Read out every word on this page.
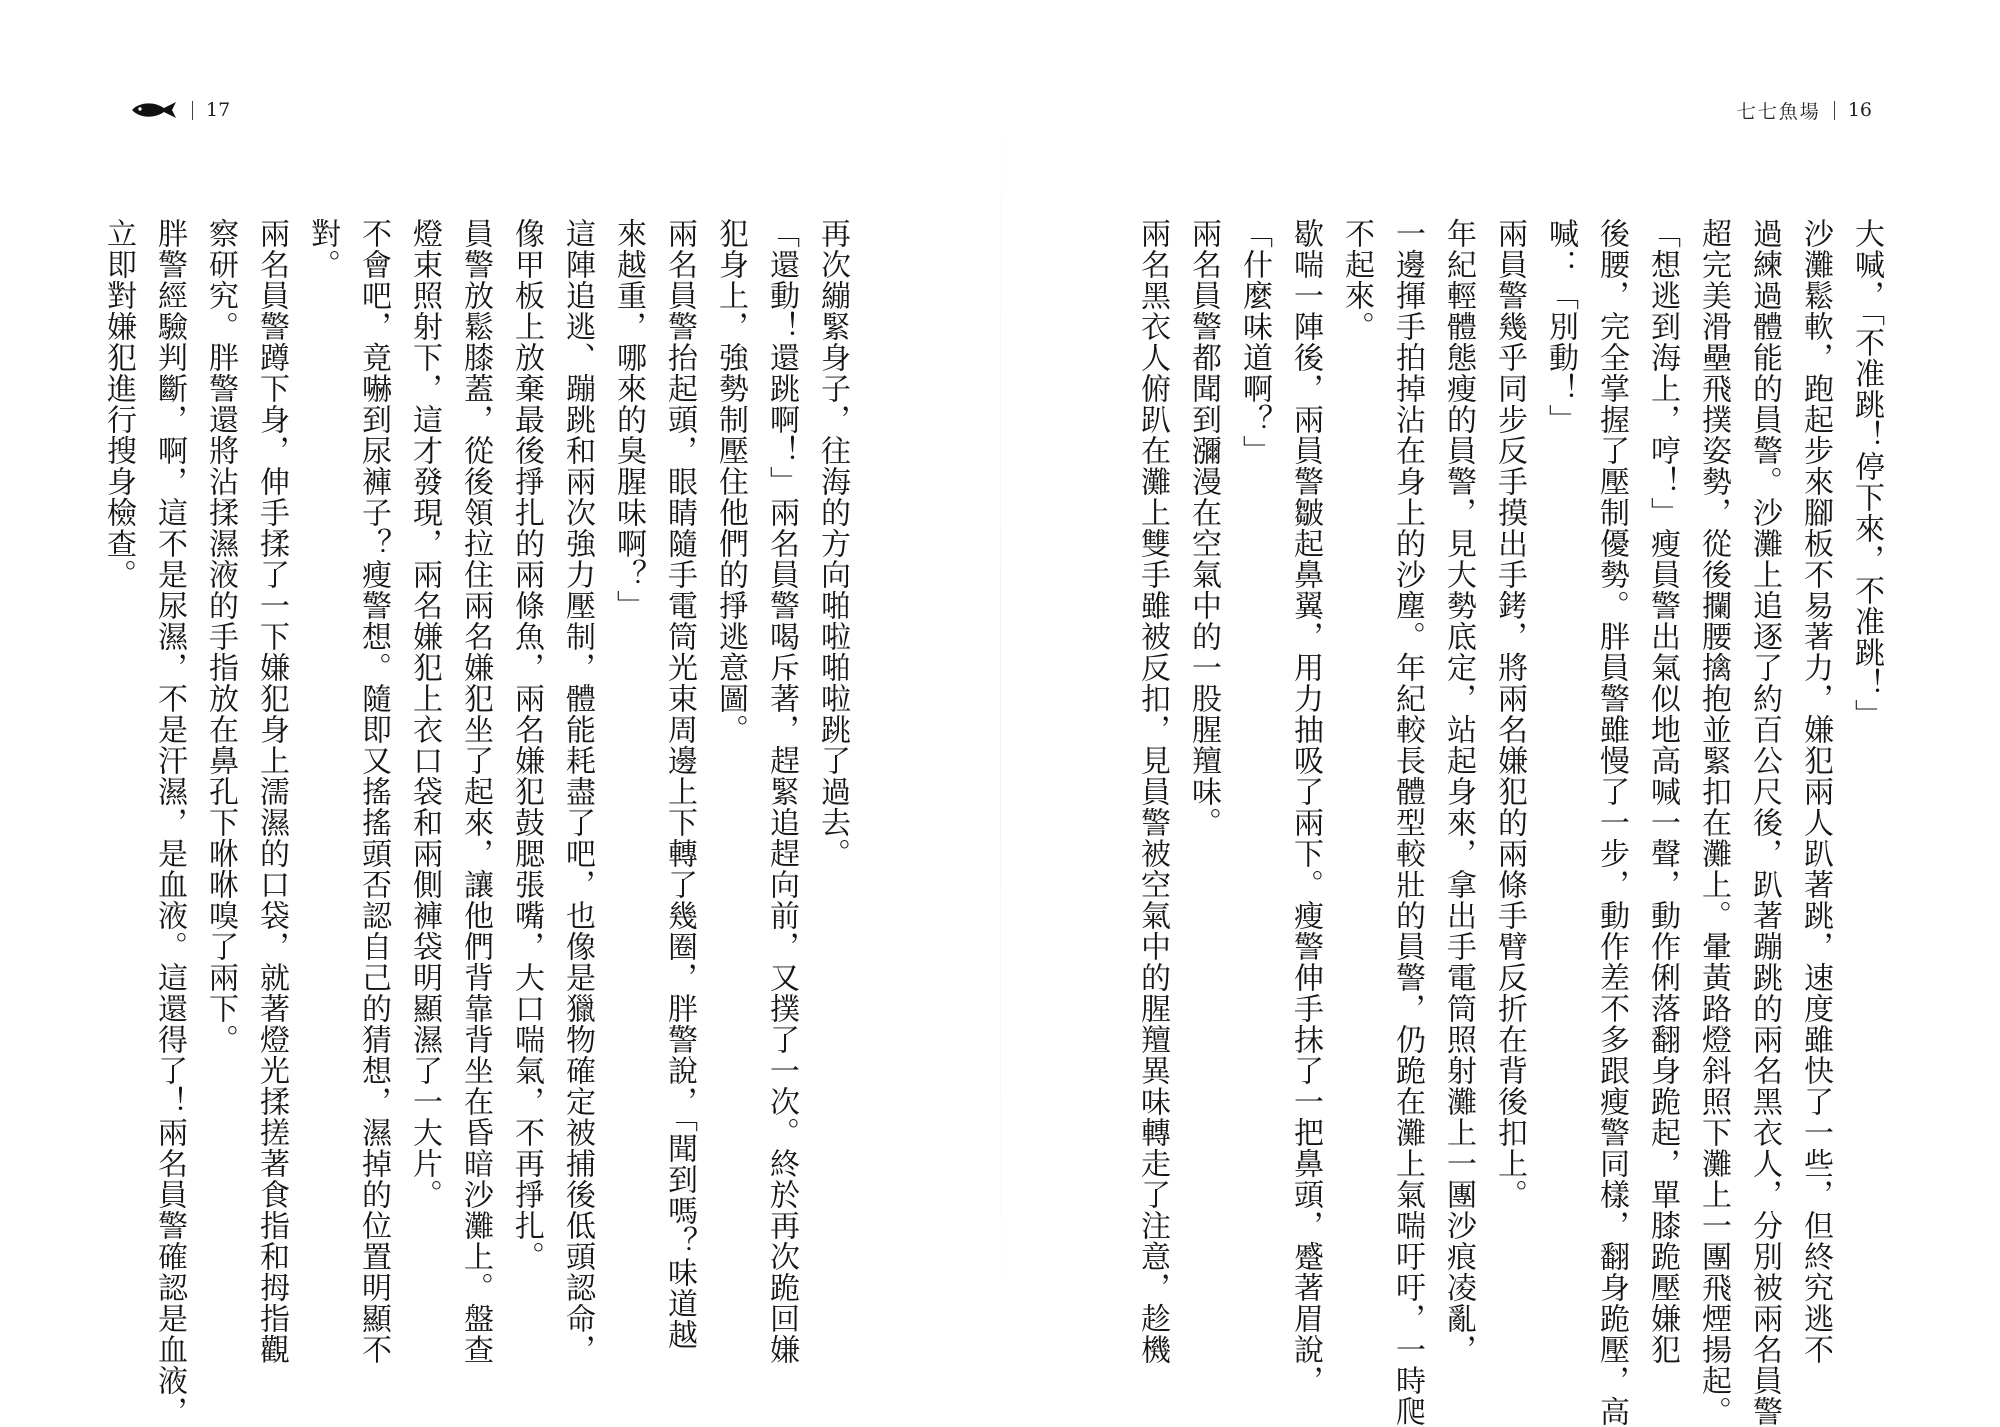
17	七七魚場 16
大喊，「不准跳！停下來，不准跳！」
沙灘鬆軟，跑起步來腳板不易著力，嫌犯兩人趴著跳，速度雖快了一些，但終究逃不
過練過體能的員警。沙灘上追逐了約百公尺後，趴著蹦跳的兩名黑衣人，分別被兩名員警
超完美滑壘飛撲姿勢，從後攔腰擒抱並緊扣在灘上。暈黃路燈斜照下灘上一團飛煙揚起。
「想逃到海上，哼！」瘦員警出氣似地高喊一聲，動作俐落翻身跪起，單膝跪壓嫌犯
後腰，完全掌握了壓制優勢。胖員警雖慢了一步，動作差不多跟瘦警同樣，翻身跪壓，高
喊：「別動！」
兩員警幾乎同步反手摸出手銬，將兩名嫌犯的兩條手臂反折在背後扣上。
年紀輕體態瘦的員警，見大勢底定，站起身來，拿出手電筒照射灘上一團沙痕凌亂，
一邊揮手拍掉沾在身上的沙塵。年紀較長體型較壯的員警，仍跪在灘上氣喘吁吁，一時爬
不起來。
歇喘一陣後，兩員警皺起鼻翼，用力抽吸了兩下。瘦警伸手抹了一把鼻頭，蹙著眉說，
「什麼味道啊？」
兩名員警都聞到瀰漫在空氣中的一股腥羶味。
兩名黑衣人俯趴在灘上雙手雖被反扣，見員警被空氣中的腥羶異味轉走了注意，趁機
再次繃緊身子，往海的方向啪啦啪啦跳了過去。
「還動！還跳啊！」兩名員警喝斥著，趕緊追趕向前，又撲了一次。終於再次跪回嫌
犯身上，強勢制壓住他們的掙逃意圖。
兩名員警抬起頭，眼睛隨手電筒光束周邊上下轉了幾圈，胖警說，「聞到嗎？味道越
來越重，哪來的臭腥味啊？」
這陣追逃、蹦跳和兩次強力壓制，體能耗盡了吧，也像是獵物確定被捕後低頭認命，
像甲板上放棄最後掙扎的兩條魚，兩名嫌犯鼓腮張嘴，大口喘氣，不再掙扎。
員警放鬆膝蓋，從後領拉住兩名嫌犯坐了起來，讓他們背靠背坐在昏暗沙灘上。盤查
燈束照射下，這才發現，兩名嫌犯上衣口袋和兩側褲袋明顯濕了一大片。
不會吧，竟嚇到尿褲子？瘦警想。隨即又搖搖頭否認自己的猜想，濕掉的位置明顯不
對。
兩名員警蹲下身，伸手揉了一下嫌犯身上濡濕的口袋，就著燈光揉搓著食指和拇指觀
察研究。胖警還將沾揉濕液的手指放在鼻孔下咻咻嗅了兩下。
胖警經驗判斷，啊，這不是尿濕，不是汗濕，是血液。這還得了！兩名員警確認是血液，
立即對嫌犯進行搜身檢查。
